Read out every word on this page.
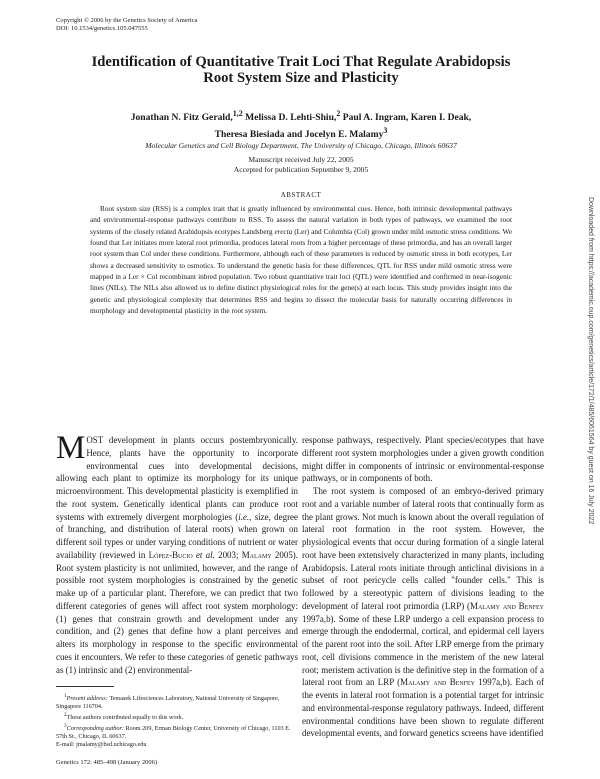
Copyright © 2006 by the Genetics Society of America
DOI: 10.1534/genetics.105.047555
Identification of Quantitative Trait Loci That Regulate Arabidopsis
Root System Size and Plasticity
Jonathan N. Fitz Gerald,$^{1,2}$ Melissa D. Lehti-Shiu,$^2$ Paul A. Ingram, Karen I. Deak,
Theresa Biesiada and Jocelyn E. Malamy$^3$
Molecular Genetics and Cell Biology Department, The University of Chicago, Chicago, Illinois 60637
Manuscript received July 22, 2005
Accepted for publication September 9, 2005
ABSTRACT

Root system size (RSS) is a complex trait that is greatly influenced by environmental cues. Hence, both intrinsic developmental pathways and environmental-response pathways contribute to RSS. To assess the natural variation in both types of pathways, we examined the root systems of the closely related Arabidopsis ecotypes Landsberg erecta (Ler) and Columbia (Col) grown under mild osmotic stress conditions. We found that Ler initiates more lateral root primordia, produces lateral roots from a higher percentage of these primordia, and has an overall larger root system than Col under these conditions. Furthermore, although each of these parameters is reduced by osmotic stress in both ecotypes, Ler shows a decreased sensitivity to osmotics. To understand the genetic basis for these differences, QTL for RSS under mild osmotic stress were mapped in a Ler × Col recombinant inbred population. Two robust quantitative trait loci (QTL) were identified and confirmed in near-isogenic lines (NILs). The NILs also allowed us to define distinct physiological roles for the gene(s) at each locus. This study provides insight into the genetic and physiological complexity that determines RSS and begins to dissect the molecular basis for naturally occurring differences in morphology and developmental plasticity in the root system.

MOST development in plants occurs postembryonically. Hence, plants have the opportunity to incorporate environmental cues into developmental decisions, allowing each plant to optimize its morphology for its unique microenvironment. This developmental plasticity is exemplified in the root system. Genetically identical plants can produce root systems with extremely divergent morphologies (i.e., size, degree of branching, and distribution of lateral roots) when grown on different soil types or under varying conditions of nutrient or water availability (reviewed in López-Bucio et al. 2003; Malamy 2005). Root system plasticity is not unlimited, however, and the range of possible root system morphologies is constrained by the genetic make up of a particular plant. Therefore, we can predict that two different categories of genes will affect root system morphology: (1) genes that constrain growth and development under any condition, and (2) genes that define how a plant perceives and alters its morphology in response to the specific environmental cues it encounters. We refer to these categories of genetic pathways as (1) intrinsic and (2) environmental-

response pathways, respectively. Plant species/ecotypes that have different root system morphologies under a given growth condition might differ in components of intrinsic or environmental-response pathways, or in components of both.

The root system is composed of an embryo-derived primary root and a variable number of lateral roots that continually form as the plant grows. Not much is known about the overall regulation of lateral root formation in the root system. However, the physiological events that occur during formation of a single lateral root have been extensively characterized in many plants, including Arabidopsis. Lateral roots initiate through anticlinal divisions in a subset of root pericycle cells called "founder cells." This is followed by a stereotypic pattern of divisions leading to the development of lateral root primordia (LRP) (Malamy and Benfey 1997a,b). Some of these LRP undergo a cell expansion process to emerge through the endodermal, cortical, and epidermal cell layers of the parent root into the soil. After LRP emerge from the primary root, cell divisions commence in the meristem of the new lateral root; meristem activation is the definitive step in the formation of a lateral root from an LRP (Malamy and Benfey 1997a,b). Each of the events in lateral root formation is a potential target for intrinsic and environmental-response regulatory pathways. Indeed, different environmental conditions have been shown to regulate different developmental events, and forward genetics screens have identified

$^1$Present address: Temasek Lifesciences Laboratory, National University of Singapore, Singapore 116704.

$^2$These authors contributed equally to this work.

$^3$Corresponding author: Room 209, Erman Biology Center, University of Chicago, 1103 E. 57th St., Chicago, IL 60637.

E-mail: jmalamy@bsd.uchicago.edu

Genetics 172: 485–498 (January 2006)
Downloaded from https://academic.oup.com/genetics/article/172/1/485/6061564 by guest on 16 July 2022
